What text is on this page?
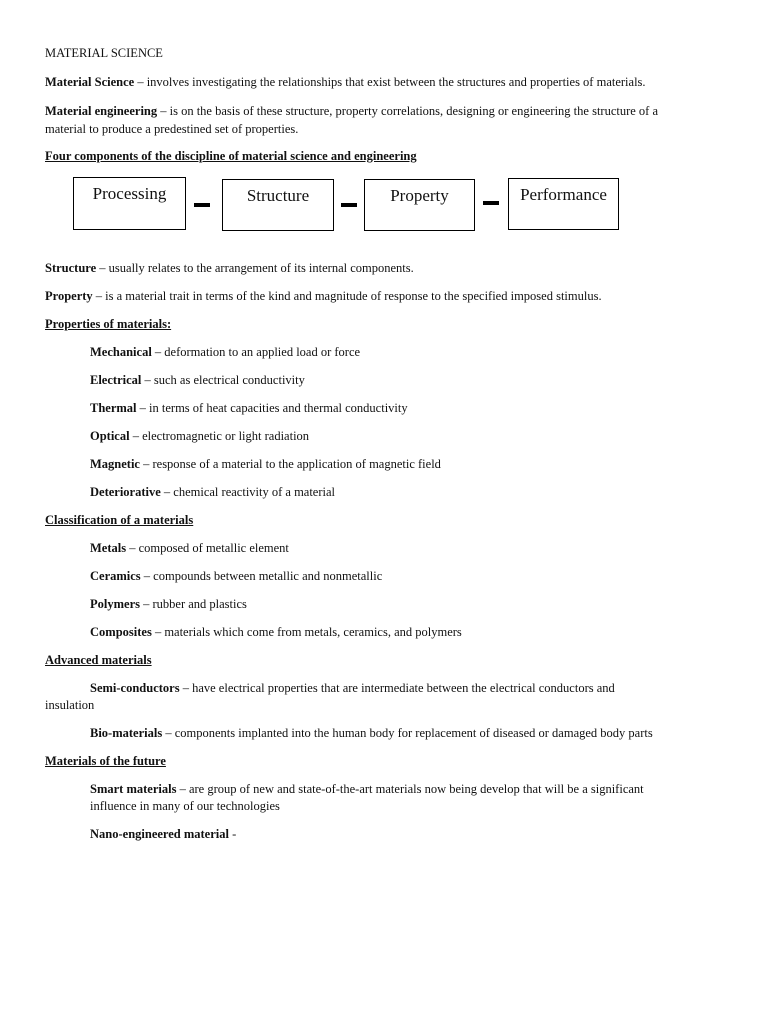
MATERIAL SCIENCE
Material Science – involves investigating the relationships that exist between the structures and properties of materials.
Material engineering – is on the basis of these structure, property correlations, designing or engineering the structure of a
material to produce a predestined set of properties.
Four components of the discipline of material science and engineering
Processing	Structure	Property	Performance
Structure – usually relates to the arrangement of its internal components.
Property – is a material trait in terms of the kind and magnitude of response to the specified imposed stimulus.
Properties of materials:
Mechanical – deformation to an applied load or force
Electrical – such as electrical conductivity
Thermal – in terms of heat capacities and thermal conductivity
Optical – electromagnetic or light radiation
Magnetic – response of a material to the application of magnetic field
Deteriorative – chemical reactivity of a material
Classification of a materials
Metals – composed of metallic element
Ceramics – compounds between metallic and nonmetallic
Polymers – rubber and plastics
Composites – materials which come from metals, ceramics, and polymers
Advanced materials
Semi-conductors – have electrical properties that are intermediate between the electrical conductors and
insulation
Bio-materials – components implanted into the human body for replacement of diseased or damaged body parts
Materials of the future
Smart materials – are group of new and state-of-the-art materials now being develop that will be a significant
influence in many of our technologies
Nano-engineered material -
